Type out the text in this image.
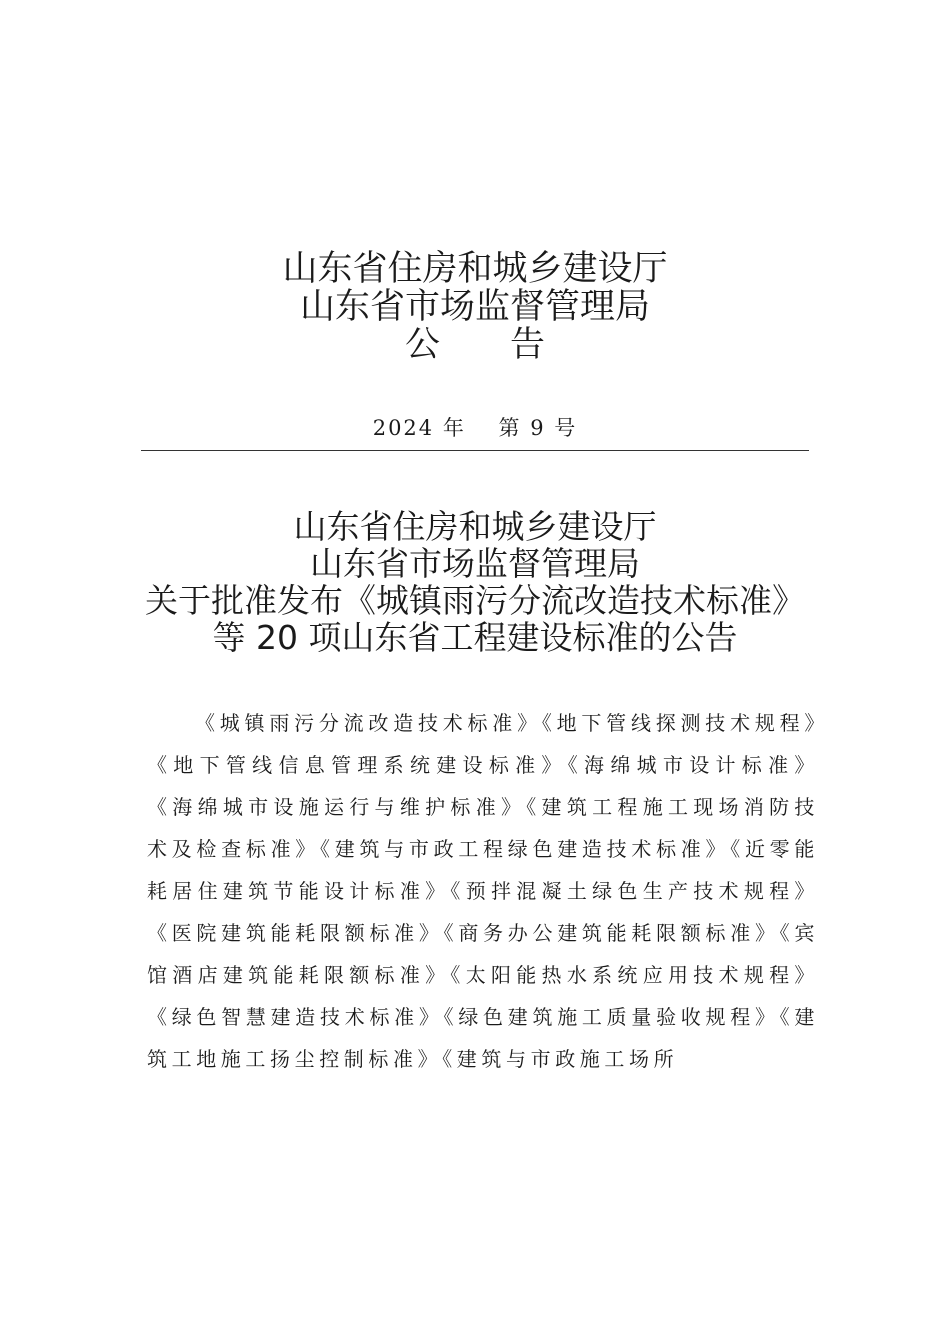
山东省住房和城乡建设厅
山东省市场监督管理局
公 告
2024 年 第 9 号
山东省住房和城乡建设厅
山东省市场监督管理局
关于批准发布《城镇雨污分流改造技术标准》
等 20 项山东省工程建设标准的公告
《城镇雨污分流改造技术标准》《地下管线探测技术规程》《地下管线信息管理系统建设标准》《海绵城市设计标准》 《海绵城市设施运行与维护标准》《建筑工程施工现场消防技术及检查标准》《建筑与市政工程绿色建造技术标准》《近零能耗居住建筑节能设计标准》《预拌混凝土绿色生产技术规程》《医院建筑能耗限额标准》《商务办公建筑能耗限额标准》《宾馆酒店建筑能耗限额标准》《太阳能热水系统应用技术规程》《绿色智慧建造技术标准》《绿色建筑施工质量验收规程》《建筑工地施工扬尘控制标准》《建筑与市政施工场所
